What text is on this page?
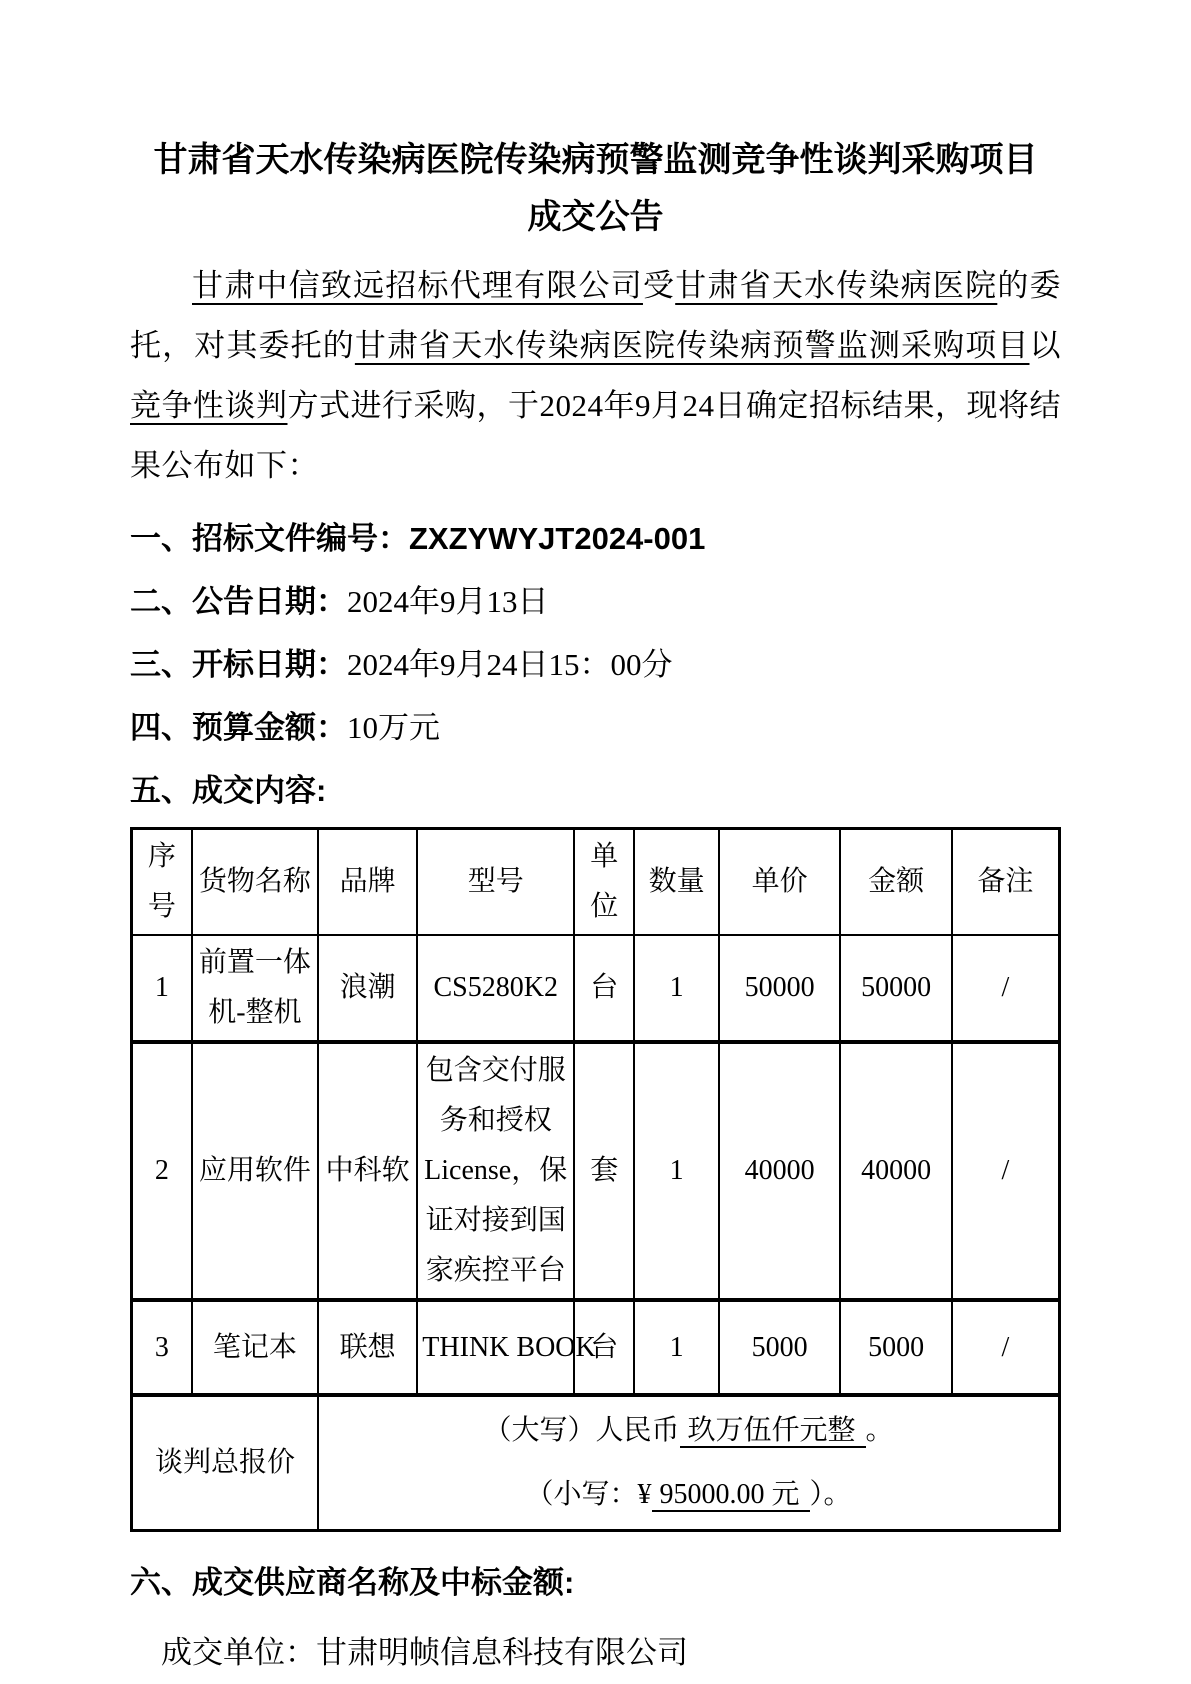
甘肃省天水传染病医院传染病预警监测竞争性谈判采购项目
成交公告

甘肃中信致远招标代理有限公司受甘肃省天水传染病医院的委托，对其委托的甘肃省天水传染病医院传染病预警监测采购项目以竞争性谈判方式进行采购，于2024年9月24日确定招标结果，现将结果公布如下：

一、招标文件编号：ZXZYWYJT2024-001
二、公告日期：2024年9月13日
三、开标日期：2024年9月24日15：00分
四、预算金额：10万元
五、成交内容:
序号	货物名称	品牌	型号	单位	数量	单价	金额	备注
1	前置一体机-整机	浪潮	CS5280K2	台	1	50000	50000	/
2	应用软件	中科软	包含交付服务和授权License，保证对接到国家疾控平台	套	1	40000	40000	/
3	笔记本	联想	THINK BOOK	台	1	5000	5000	/
谈判总报价		（大写）人民币 玖万伍仟元整 。
（小写：¥ 95000.00 元 ）。						
六、成交供应商名称及中标金额:
成交单位：甘肃明帧信息科技有限公司
